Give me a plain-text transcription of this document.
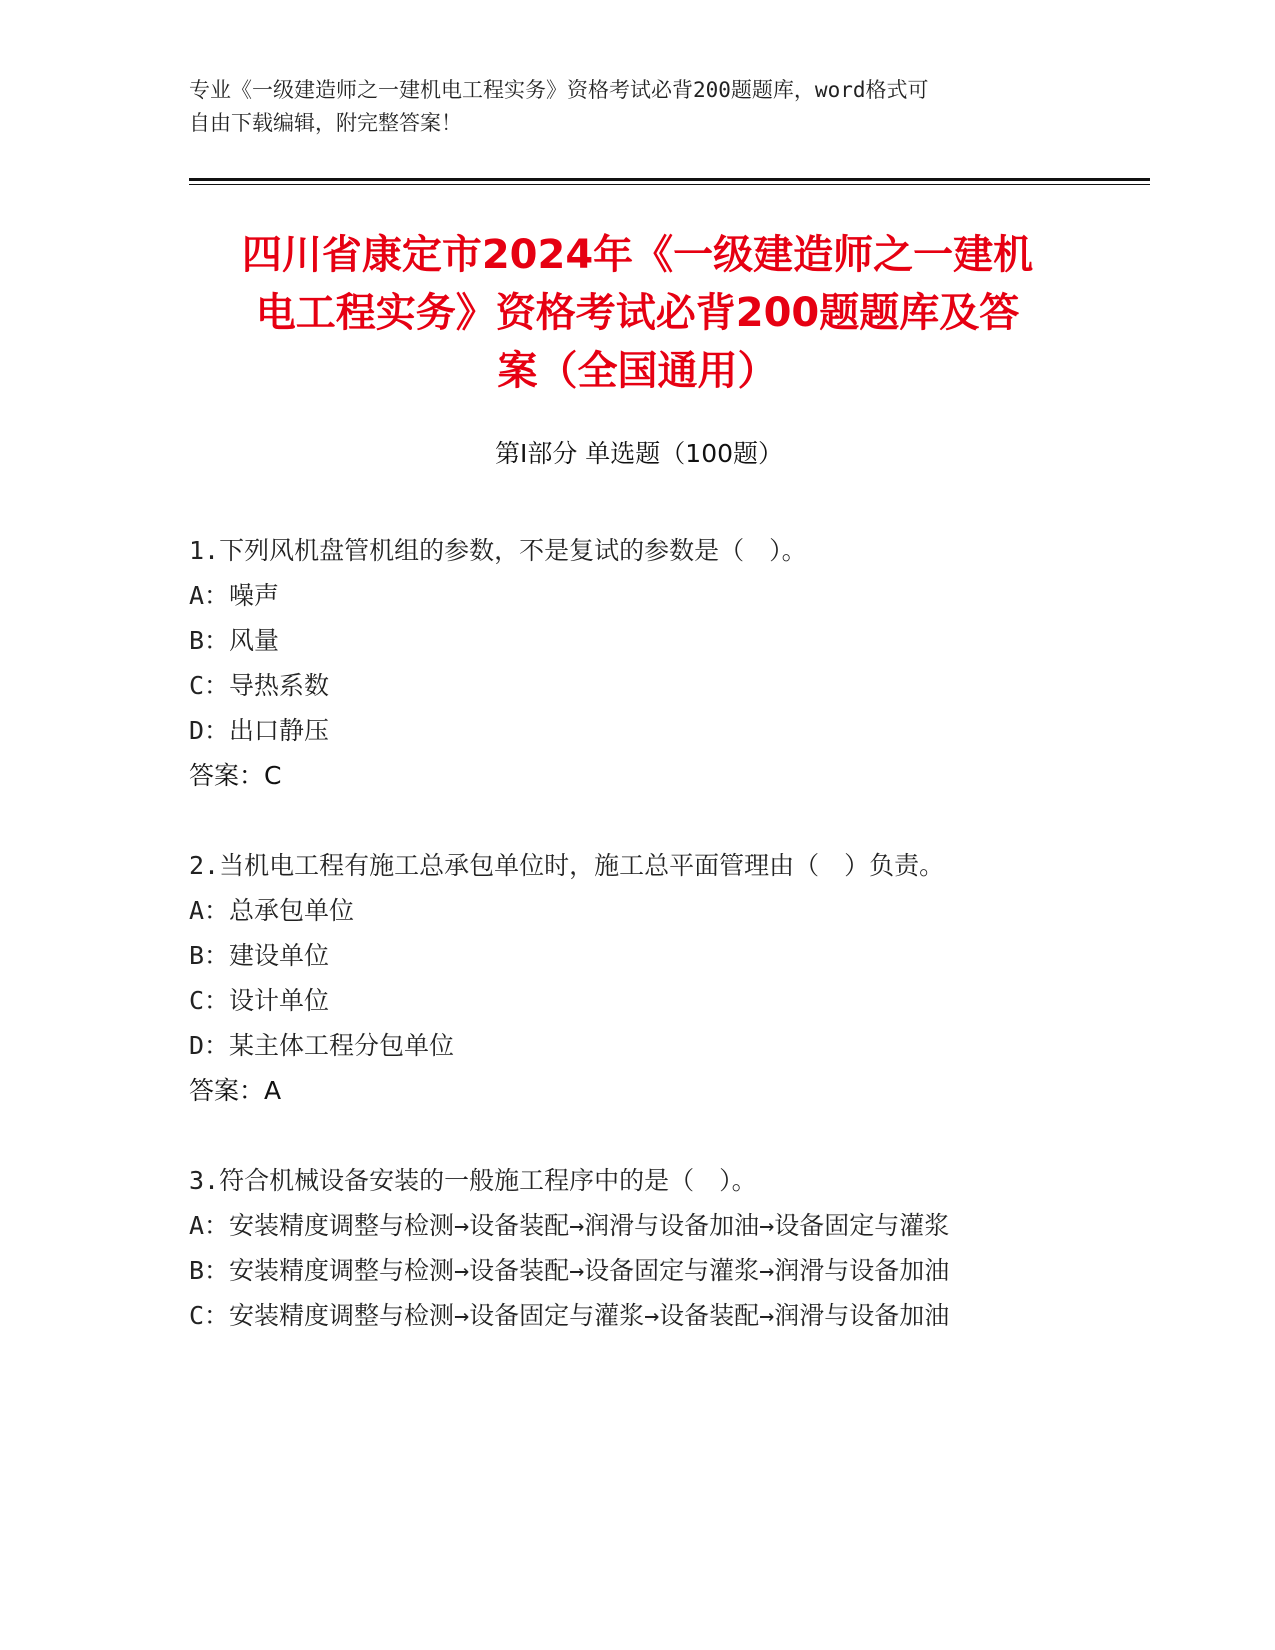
专业《一级建造师之一建机电工程实务》资格考试必背200题题库，word格式可
自由下载编辑，附完整答案！
四川省康定市2024年《一级建造师之一建机
电工程实务》资格考试必背200题题库及答
案（全国通用）
第Ⅰ部分 单选题（100题）
1.下列风机盘管机组的参数，不是复试的参数是（　）。
A：噪声
B：风量
C：导热系数
D：出口静压
答案：C
2.当机电工程有施工总承包单位时，施工总平面管理由（　）负责。
A：总承包单位
B：建设单位
C：设计单位
D：某主体工程分包单位
答案：A
3.符合机械设备安装的一般施工程序中的是（　）。
A：安装精度调整与检测→设备装配→润滑与设备加油→设备固定与灌浆
B：安装精度调整与检测→设备装配→设备固定与灌浆→润滑与设备加油
C：安装精度调整与检测→设备固定与灌浆→设备装配→润滑与设备加油
